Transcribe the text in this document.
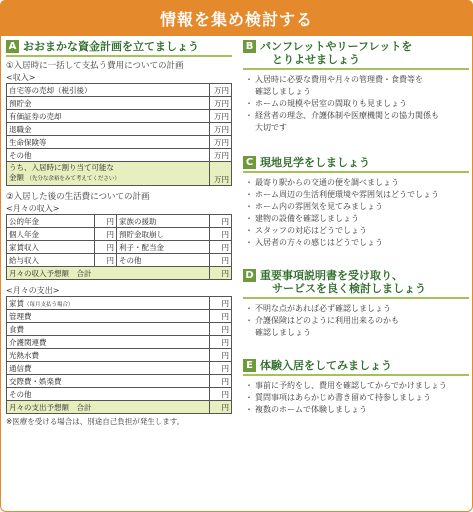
情報を集め検討する
A おおまかな資金計画を立てましょう
①入居時に一括して支払う費用についての計画
<収入>
自宅等の売却（税引後）	万円
預貯金	万円
有価証券の売却	万円
退職金	万円
生命保険等	万円
その他	万円
うち、入居時に割り当て可能な
金額 （先分な余裕をみて考えてください）	万円
②入居した後の生活費についての計画
<月々の収入>
公的年金	円	家族の援助	円
個人年金	円	預貯金取崩し	円
家賃収入	円	利子・配当金	円
給与収入	円	その他	円
月々の収入予想額　合計			円
<月々の支出>
家賃（毎月支払う場合）	円
管理費	円
食費	円
介護関連費	円
光熱水費	円
通信費	円
交際費・娯楽費	円
その他	円
月々の支出予想額　合計	円
※医療を受ける場合は、別途自己負担が発生します。
B パンフレットやリーフレットを
とりよせましょう
・ 入居時に必要な費用や月々の管理費・食費等を
確認しましょう
・ ホームの規模や居室の間取りも見ましょう
・ 経営者の理念、介護体制や医療機関との協力関係も
大切です
C 現地見学をしましょう
・ 最寄り駅からの交通の便を調べましょう
・ ホーム周辺の生活利便環境や雰囲気はどうでしょう
・ ホーム内の雰囲気を見てみましょう
・ 建物の設備を確認しましょう
・ スタッフの対応はどうでしょう
・ 入居者の方々の感じはどうでしょう
D 重要事項説明書を受け取り、
サービスを良く検討しましょう
・ 不明な点があれば必ず確認しましょう
・ 介護保険はどのように利用出来るのかも
確認しましょう
E 体験入居をしてみましょう
・ 事前に予約をし、費用を確認してからでかけましょう
・ 質問事項はあらかじめ書き留めて持参しましょう
・ 複数のホームで体験しましょう
